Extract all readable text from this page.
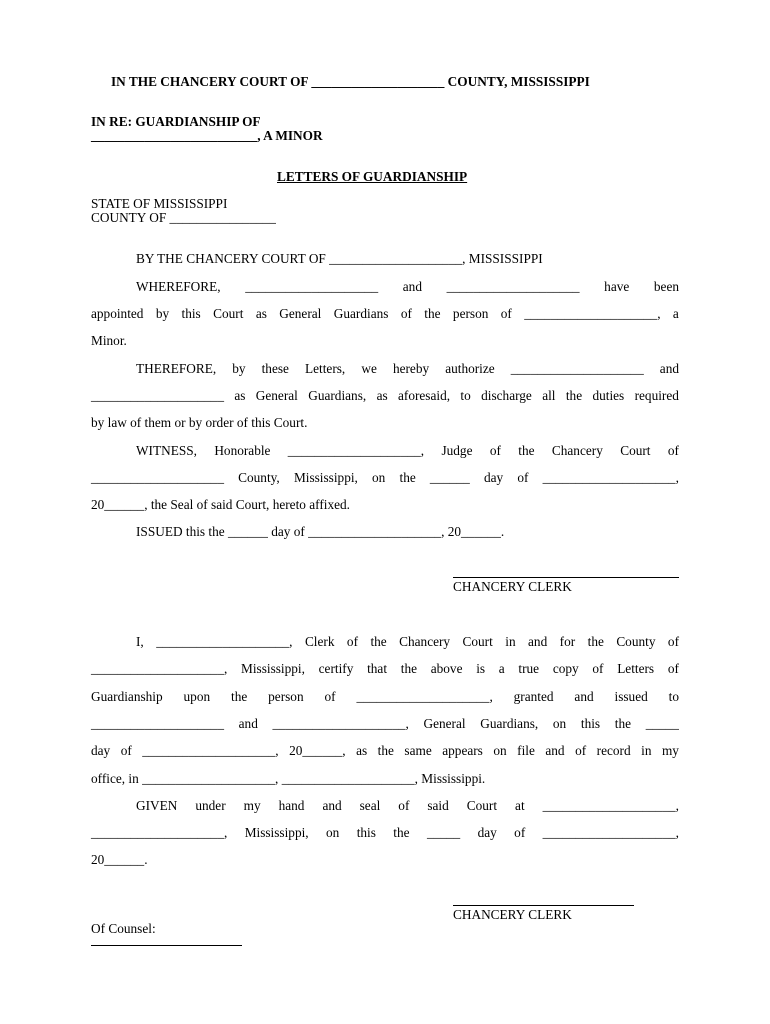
IN THE CHANCERY COURT OF ____________________ COUNTY, MISSISSIPPI
IN RE: GUARDIANSHIP OF
_________________________, A MINOR
LETTERS OF GUARDIANSHIP
STATE OF MISSISSIPPI
COUNTY OF ________________
BY THE CHANCERY COURT OF ____________________, MISSISSIPPI
WHEREFORE, ____________________ and ____________________ have been
appointed by this Court as General Guardians of the person of ____________________, a
Minor.
THEREFORE, by these Letters, we hereby authorize ____________________ and
____________________ as General Guardians, as aforesaid, to discharge all the duties required
by law of them or by order of this Court.
WITNESS, Honorable ____________________, Judge of the Chancery Court of
____________________ County, Mississippi, on the ______ day of ____________________,
20______, the Seal of said Court, hereto affixed.
ISSUED this the ______ day of ____________________, 20______.
CHANCERY CLERK
I, ____________________, Clerk of the Chancery Court in and for the County of
____________________, Mississippi, certify that the above is a true copy of Letters of
Guardianship upon the person of ____________________, granted and issued to
____________________ and ____________________, General Guardians, on this the _____
day of ____________________, 20______, as the same appears on file and of record in my
office, in ____________________, ____________________, Mississippi.
GIVEN under my hand and seal of said Court at ____________________,
____________________, Mississippi, on this the _____ day of ____________________,
20______.
CHANCERY CLERK
Of Counsel:
